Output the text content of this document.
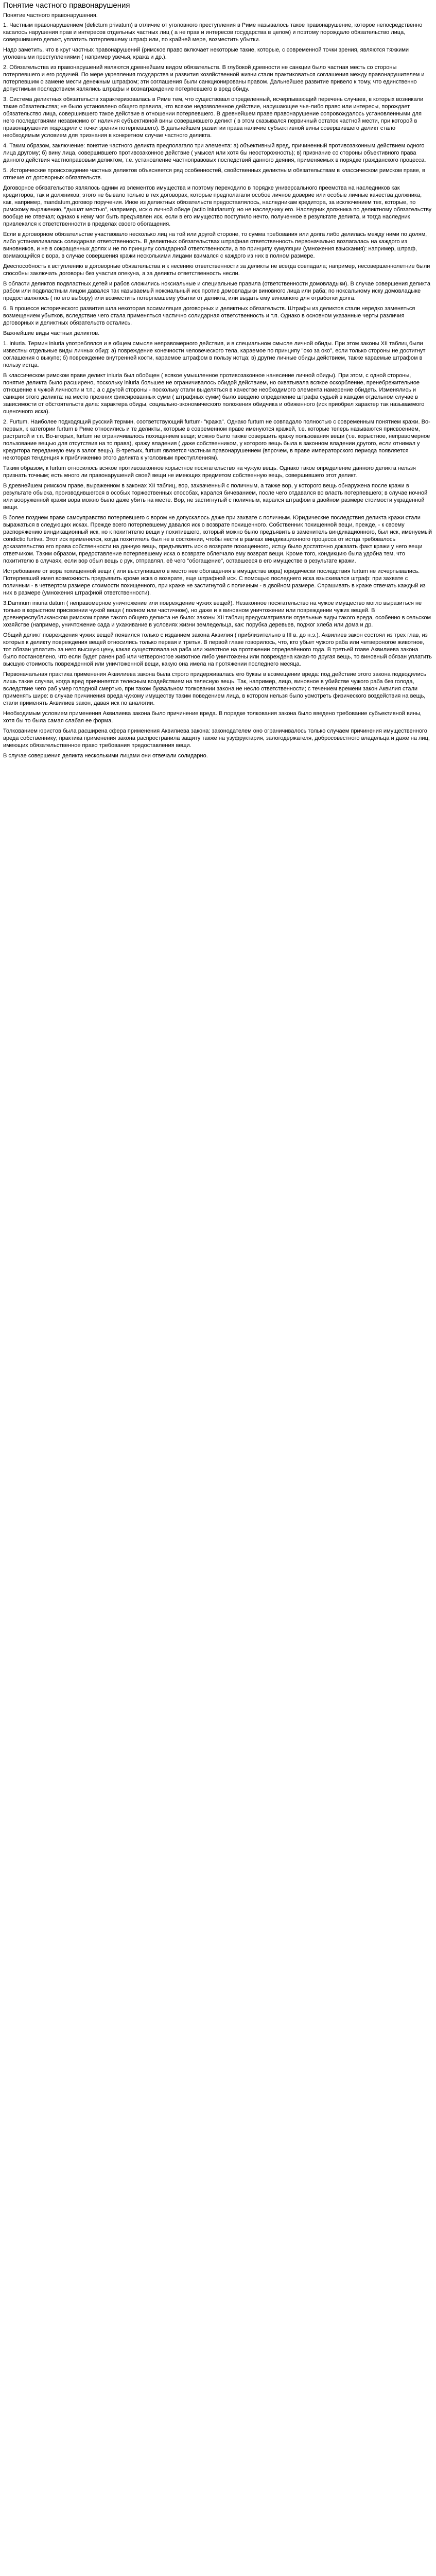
Понятие частного правонарушения

Понятие частного правонарушения.

1. Частным правонарушением (delictum privatum) в отличие от уголовного преступления в Риме называлось такое правонарушение, которое непосредственно касалось нарушения прав и интересов отдельных частных лиц ( а не прав и интересов государства в целом) и поэтому порождало обязательство лица, совершившего деликт, уплатить потерпевшему штраф или, по крайней мере, возместить убытки.

Надо заметить, что в круг частных правонарушений (римское право включает некоторые такие, которые, с современной точки зрения, являются тяжкими уголовными преступлениями ( например увечья, кража и др.).

2. Обязательства из правонарушений являются древнейшим видом обязательств. В глубокой древности не санкции было частная месть со стороны потерпевшего и его родичей. По мере укрепления государства и развития хозяйственной жизни стали практиковаться соглашения между правонарушителем и потерпевшим о замене мести денежным штрафом; эти соглашения были санкционированы правом. Дальнейшее развитие привело к тому, что единственно допустимым последствием являлись штрафы и вознаграждение потерпевшего в вред обиду.

3. Система деликтных обязательств характеризовалась в Риме тем, что существовал определенный, исчерпывающий перечень случаев, в которых возникали такие обязательства; не было установлено общего правила, что всякое недозволенное действие, нарушающее чье-либо право или интересы, порождает обязательство лица, совершившего такое действие в отношении потерпевшего. В древнейшем праве правонарушение сопровождалось установленными для него последствиями независимо от наличия субъективной вины совершившего деликт ( в этом сказывался первичный остаток частной мести, при которой в правонарушении подходили с точки зрения потерпевшего). В дальнейшем развитии права наличие субъективной вины совершившего деликт стало необходимым условием для признания в конкретном случае частного деликта.

4. Таким образом, заключение: понятие частного деликта предполагало три элемента: а) объективный вред, причиненный противозаконным действием одного лица другому; б) вину лица, совершившего противозаконное действие ( умысел или хотя бы неосторожность); в) признание со стороны объективного права данного действия частноправовым деликтом, т.е. установление частноправовых последствий данного деяния, применяемых в порядке гражданского процесса.

5. Исторические происхождение частных деликтов объясняется ряд особенностей, свойственных деликтным обязательствам в классическом римском праве, в отличие от договорных обязательств.

Договорное обязательство являлось одним из элементов имущества и поэтому переходило в порядке универсального преемства на наследников как кредиторов, так и должников; этого не бывало только в тех договорах, которые предполагали особое личное доверие или особые личные качества должника, как, например, mandatum,договор поручения. Иное из деликтных обязательств предоставлялось, наследникам кредитора, за исключением тех, которые, по римскому выражению, "дышат местью", например, иск о личной обиде (actio iniuriarum); но не наследнику его. Наследник должника по деликтному обязательству вообще не отвечал; однако к нему мог быть предъявлен иск, если в его имущество поступило нечто, полученное в результате деликта, и тогда наследник привлекался к ответственности в пределах своего обогащения.

Если в договорном обязательстве участвовало несколько лиц на той или другой стороне, то сумма требования или долга либо делилась между ними по долям, либо устанавливалась солидарная ответственность. В деликтных обязательствах штрафная ответственность первоначально возлагалась на каждого из виновников, и не в сокращенных долях и не по принципу солидарной ответственности, а по принципу кумуляции (умножения взыскания): например, штраф, взимающийся с вора, в случае совершения кражи несколькими лицами взимался с каждого из них в полном размере.

Дееспособность к вступлению в договорные обязательства и к несению ответственности за деликты не всегда совпадала; например, несовершеннолетние были способны заключать договоры без участия опекуна, а за деликты ответственность несли.

В области деликтов подвластных детей и рабов сложились ноксиальные и специальные правила (ответственности домовладыки). В случае совершения деликта рабом или подвластным лицом давался так называемый ноксиальный иск против домовладыки виновного лица или раба; по ноксальному иску домовладыке предоставлялось ( по его выбору) или возместить потерпевшему убытки от деликта, или выдать ему виновного для отработки долга.

6. В процессе исторического развития шла некоторая ассимиляция договорных и деликтных обязательств. Штрафы из деликтов стали нередко заменяться возмещением убытков, вследствие чего стала применяться частично солидарная ответственность и т.п. Однако в основном указанные черты различия договорных и деликтных обязательств остались.

Важнейшие виды частных деликтов.

1. Iniuria. Термин iniuria употреблялся и в общем смысле неправомерного действия, и в специальном смысле личной обиды. При этом законы XII таблиц были известны отдельные виды личных обид: а) повреждение конечности человеческого тела, караемое по принципу "око за око", если только стороны не достигнут соглашения о выкупе; б) повреждение внутренней кости, караемое штрафом в пользу истца; в) другие личные обиды действием, также караемые штрафом в пользу истца.

В классическом римском праве деликт iniuria был обобщен ( всякое умышленное противозаконное нанесение личной обиды). При этом, с одной стороны, понятие деликта было расширено, поскольку iniuria большее не ограничивалось обидой действием, но охватывала всякое оскорбление, пренебрежительное отношение к чужой личности и т.п.; а с другой стороны - поскольку стали выделяться в качестве необходимого элемента намерение обидеть. Изменялись и санкции этого деликта: на место прежних фиксированных сумм ( штрафных сумм) было введено определение штрафа судьей в каждом отдельном случае в зависимости от обстоятельств дела: характера обиды, социально-экономического положения обидчика и обиженного (иск приобрел характер так называемого оценочного иска).

2. Furtum. Наиболее подходящий русский термин, соответствующий furtum- "кража". Однако furtum не совпадало полностью с современным понятием кражи. Во-первых, к категории furtum в Риме относились и те деликты, которые в современном праве именуются кражей, т.е. которые теперь называются присвоением, растратой и т.п. Во-вторых, furtum не ограничивалось похищением вещи; можно было также совершить кражу пользования вещи (т.е. корыстное, неправомерное пользование вещью для отсутствия на то права), кражу владения ( даже собственником, у которого вещь была в законном владении другого, если отнимал у кредитора переданную ему в залог вещь). В-третьих, furtum является частным правонарушением (впрочем, в праве императорского периода появляется некоторая тенденция к приближению этого деликта к уголовным преступлениям).

Таким образом, к furtum относилось всякое противозаконное корыстное посягательство на чужую вещь. Однако такое определение данного деликта нельзя признать точным; есть много ли правонарушений своей вещи не имеющих предметом собственную вещь, совершившего этот деликт.

В древнейшем римском праве, выраженном в законах XII таблиц, вор, захваченный с поличным, а также вор, у которого вещь обнаружена после кражи в результате обыска, производившегося в особых торжественных способах, карался бичеванием, после чего отдавался во власть потерпевшего; в случае ночной или вооруженной кражи вора можно было даже убить на месте. Вор, не застигнутый с поличным, карался штрафом в двойном размере стоимости украденной вещи.

В более позднем праве самоуправство потерпевшего с вором не допускалось даже при захвате с поличным. Юридические последствия деликта кражи стали выражаться в следующих исках. Прежде всего потерпевшему давался иск о возврате похищенного. Собственник похищенной вещи, прежде, - к своему распоряжению виндикационный иск, но к похитителю вещи у похитившего, который можно было предъявить в заменитель виндикационного, был иск, именуемый condictio furtiva. Этот иск применялся, когда похититель был не в состоянии, чтобы нести в рамках виндикационного процесса от истца требовалось доказательство его права собственности на данную вещь, предъявлять иск о возврате похищенного, истцу было достаточно доказать факт кражи у него вещи ответчиком. Таким образом, предоставление потерпевшему иска о возврате облегчало ему возврат вещи. Кроме того, кондикцию была удобна тем, что похитителю в случаях, если вор обыл вещь с рук, отправлял, её чего "обогащение", оставшееся в его имуществе в результате кражи.

Истребование от вора похищенной вещи ( или выступившего в место нее обогащения в имуществе вора) юридически последствия furtum не исчерпывались. Потерпевший имел возможность предъявить кроме иска о возврате, еще штрафной иск. С помощью последнего иска взыскивался штраф: при захвате с поличным - в четвертом размере стоимости похищенного, при краже не застигнутой с поличным - в двойном размере. Спрашивать в краже отвечать каждый из них в размере (умножения штрафной ответственности).

3.Damnum iniuria datum ( неправомерное уничтожение или повреждение чужих вещей). Незаконное посягательство на чужое имущество могло выразиться не только в корыстном присвоении чужой вещи ( полном или частичном), но даже и в виновном уничтожении или повреждении чужих вещей. В древнереспубликанском римском праве такого общего деликта не было: законы XII таблиц предусматривали отдельные виды такого вреда, особенно в сельском хозяйстве (например, уничтожение сада и ухаживание в условиях жизни земледельца, как: порубка деревьев, поджог хлеба или дома и др.

Общий деликт повреждения чужих вещей появился только с изданием закона Аквилия ( приблизительно в III в. до н.э.). Аквилиев закон состоял из трех глав, из которых к деликту повреждения вещей относились только первая и третья. В первой главе говорилось, что, кто убьет чужого раба или четвероногое животное, тот обязан уплатить за него высшую цену, какая существовала на раба или животное на протяжении определённого года. В третьей главе Аквилиева закона было постановлено, что если будет ранен раб или четвероногое животное либо уничтожены или повреждена какая-то другая вещь, то виновный обязан уплатить высшую стоимость поврежденной или уничтоженной вещи, какую она имела на протяжении последнего месяца.

Первоначальная практика применения Аквилиева закона была строго придерживалась его буквы в возмещении вреда: под действие этого закона подводились лишь такие случаи, когда вред причиняется телесным воздействием на телесную вещь. Так, например, лицо, виновное в убийстве чужого раба без голода, вследствие чего раб умер голодной смертью, при таком буквальном толковании закона не несло ответственности; с течением времени закон Аквилия стали применять шире: в случае причинения вреда чужому имуществу таким поведением лица, в котором нельзя было усмотреть физического воздействия на вещь, стали применять Аквилиев закон, давая иск по аналогии.

Необходимым условием применения Аквилиева закона было причинение вреда. В порядке толкования закона было введено требование субъективной вины, хотя бы то была самая слабая ее форма.

Толкованием юристов была расширена сфера применения Аквилиева закона: законодателем оно ограничивалось только случаем причинения имущественного вреда собственнику; практика применения закона распространила защиту также на узуфруктария, залогодержателя, добросовестного владельца и даже на лиц, имеющих обязательственное право требования предоставления вещи.

В случае совершения деликта несколькими лицами они отвечали солидарно.
